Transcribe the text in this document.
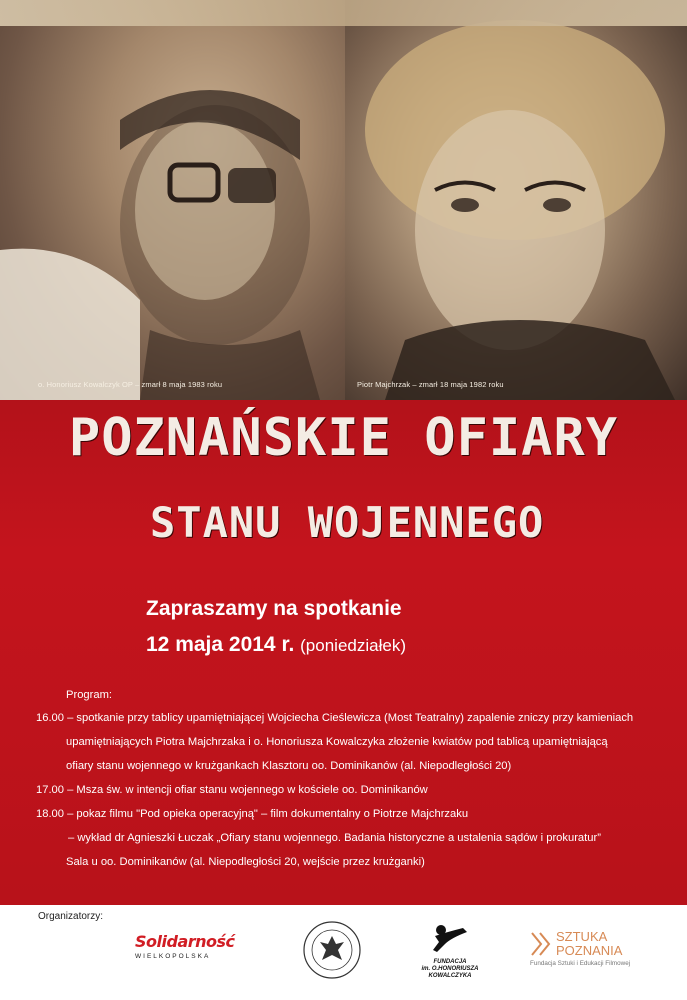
o. Honoriusz Kowalczyk OP – zmarł 8 maja 1983 roku	Piotr Majchrzak – zmarł 18 maja 1982 roku
POZNAŃSKIE OFIARY
STANU WOJENNEGO
Zapraszamy na spotkanie
12 maja 2014 r. (poniedziałek)
Program:
16.00 – spotkanie przy tablicy upamiętniającej Wojciecha Cieślewicza (Most Teatralny) zapalenie zniczy przy kamieniach
upamiętniających Piotra Majchrzaka i o. Honoriusza Kowalczyka złożenie kwiatów pod tablicą upamiętniającą
ofiary stanu wojennego w krużgankach Klasztoru oo. Dominikanów (al. Niepodległości 20)
17.00 – Msza św. w intencji ofiar stanu wojennego w kościele oo. Dominikanów
18.00 – pokaz filmu "Pod opieka operacyjną" – film dokumentalny o Piotrze Majchrzaku
– wykład dr Agnieszki Łuczak „Ofiary stanu wojennego. Badania historyczne a ustalenia sądów i prokuratur”
Sala u oo. Dominikanów (al. Niepodległości 20, wejście przez krużganki)
Organizatorzy:
Solidarność
WIELKOPOLSKA
FUNDACJA
im. O.HONORIUSZA
KOWALCZYKA
SZTUKA
POZNANIA
Fundacja Sztuki i Edukacji Filmowej
